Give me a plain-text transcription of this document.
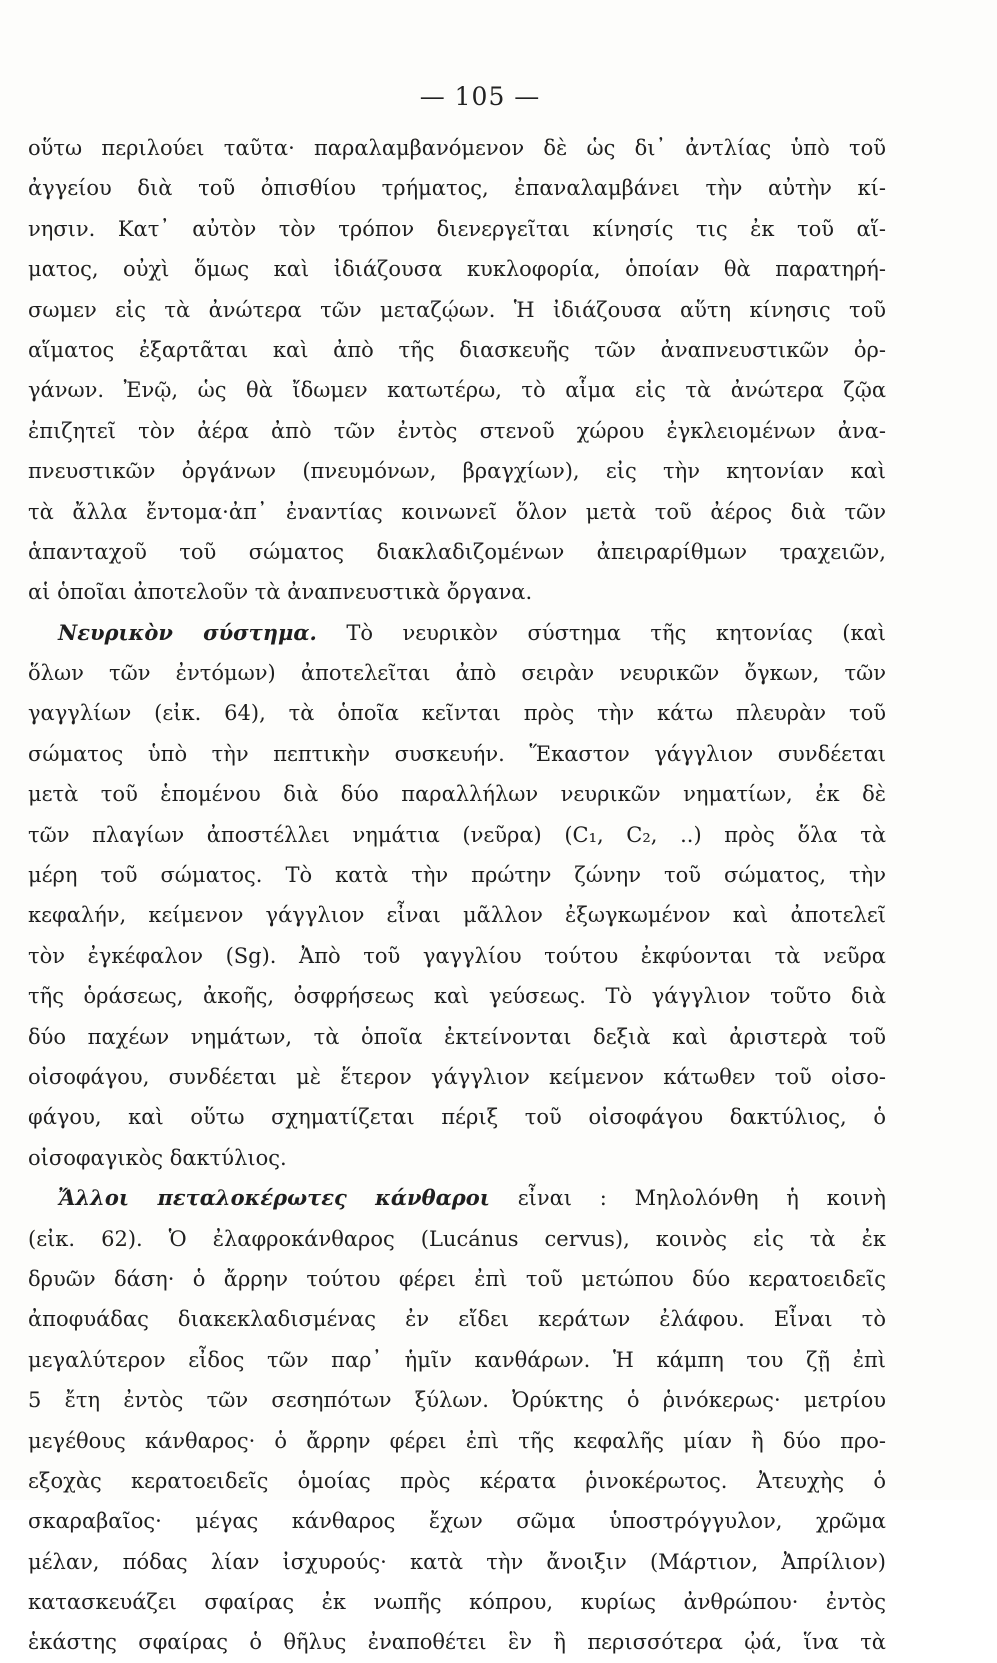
— 105 —
οὕτω περιλούει ταῦτα· παραλαμβανόμενον δὲ ὡς δι᾽ ἀντλίας ὑπὸ τοῦ
ἀγγείου διὰ τοῦ ὀπισθίου τρήματος, ἐπαναλαμβάνει τὴν αὐτὴν κί-
νησιν. Κατ᾽ αὐτὸν τὸν τρόπον διενεργεῖται κίνησίς τις ἐκ τοῦ αἵ-
ματος, οὐχὶ ὅμως καὶ ἰδιάζουσα κυκλοφορία, ὁποίαν θὰ παρατηρή-
σωμεν εἰς τὰ ἀνώτερα τῶν μεταζῴων. Ἡ ἰδιάζουσα αὕτη κίνησις τοῦ
αἵματος ἐξαρτᾶται καὶ ἀπὸ τῆς διασκευῆς τῶν ἀναπνευστικῶν ὀρ-
γάνων. Ἐνῷ, ὡς θὰ ἴδωμεν κατωτέρω, τὸ αἷμα εἰς τὰ ἀνώτερα ζῷα
ἐπιζητεῖ τὸν ἀέρα ἀπὸ τῶν ἐντὸς στενοῦ χώρου ἐγκλειομένων ἀνα-
πνευστικῶν ὀργάνων (πνευμόνων, βραγχίων), εἰς τὴν κητονίαν καὶ
τὰ ἄλλα ἔντομα·ἀπ᾽ ἐναντίας κοινωνεῖ ὅλον μετὰ τοῦ ἀέρος διὰ τῶν
ἁπανταχοῦ τοῦ σώματος διακλαδιζομένων ἀπειραρίθμων τραχειῶν,
αἱ ὁποῖαι ἀποτελοῦν τὰ ἀναπνευστικὰ ὄργανα.
Νευρικὸν σύστημα. Τὸ νευρικὸν σύστημα τῆς κητονίας (καὶ
ὅλων τῶν ἐντόμων) ἀποτελεῖται ἀπὸ σειρὰν νευρικῶν ὄγκων, τῶν
γαγγλίων (εἰκ. 64), τὰ ὁποῖα κεῖνται πρὸς τὴν κάτω πλευρὰν τοῦ
σώματος ὑπὸ τὴν πεπτικὴν συσκευήν. Ἕκαστον γάγγλιον συνδέεται
μετὰ τοῦ ἑπομένου διὰ δύο παραλλήλων νευρικῶν νηματίων, ἐκ δὲ
τῶν πλαγίων ἀποστέλλει νημάτια (νεῦρα) (C₁, C₂, ..) πρὸς ὅλα τὰ
μέρη τοῦ σώματος. Τὸ κατὰ τὴν πρώτην ζώνην τοῦ σώματος, τὴν
κεφαλήν, κείμενον γάγγλιον εἶναι μᾶλλον ἐξωγκωμένον καὶ ἀποτελεῖ
τὸν ἐγκέφαλον (Sg). Ἀπὸ τοῦ γαγγλίου τούτου ἐκφύονται τὰ νεῦρα
τῆς ὁράσεως, ἀκοῆς, ὀσφρήσεως καὶ γεύσεως. Τὸ γάγγλιον τοῦτο διὰ
δύο παχέων νημάτων, τὰ ὁποῖα ἐκτείνονται δεξιὰ καὶ ἀριστερὰ τοῦ
οἰσοφάγου, συνδέεται μὲ ἕτερον γάγγλιον κείμενον κάτωθεν τοῦ οἰσο-
φάγου, καὶ οὕτω σχηματίζεται πέριξ τοῦ οἰσοφάγου δακτύλιος, ὁ
οἰσοφαγικὸς δακτύλιος.
Ἄλλοι πεταλοκέρωτες κάνθαροι εἶναι : Μηλολόνθη ἡ κοινὴ
(εἰκ. 62). Ὁ ἐλαφροκάνθαρος (Lucánus cervus), κοινὸς εἰς τὰ ἐκ
δρυῶν δάση· ὁ ἄρρην τούτου φέρει ἐπὶ τοῦ μετώπου δύο κερατοειδεῖς
ἀποφυάδας διακεκλαδισμένας ἐν εἴδει κεράτων ἐλάφου. Εἶναι τὸ
μεγαλύτερον εἶδος τῶν παρ᾽ ἡμῖν κανθάρων. Ἡ κάμπη του ζῇ ἐπὶ
5 ἔτη ἐντὸς τῶν σεσηπότων ξύλων. Ὀρύκτης ὁ ῥινόκερως· μετρίου
μεγέθους κάνθαρος· ὁ ἄρρην φέρει ἐπὶ τῆς κεφαλῆς μίαν ἢ δύο προ-
εξοχὰς κερατοειδεῖς ὁμοίας πρὸς κέρατα ῥινοκέρωτος. Ἀτευχὴς ὁ
σκαραβαῖος· μέγας κάνθαρος ἔχων σῶμα ὑποστρόγγυλον, χρῶμα
μέλαν, πόδας λίαν ἰσχυρούς· κατὰ τὴν ἄνοιξιν (Μάρτιον, Ἀπρίλιον)
κατασκευάζει σφαίρας ἐκ νωπῆς κόπρου, κυρίως ἀνθρώπου· ἐντὸς
ἑκάστης σφαίρας ὁ θῆλυς ἐναποθέτει ἓν ἢ περισσότερα ᾠά, ἵνα τὰ
